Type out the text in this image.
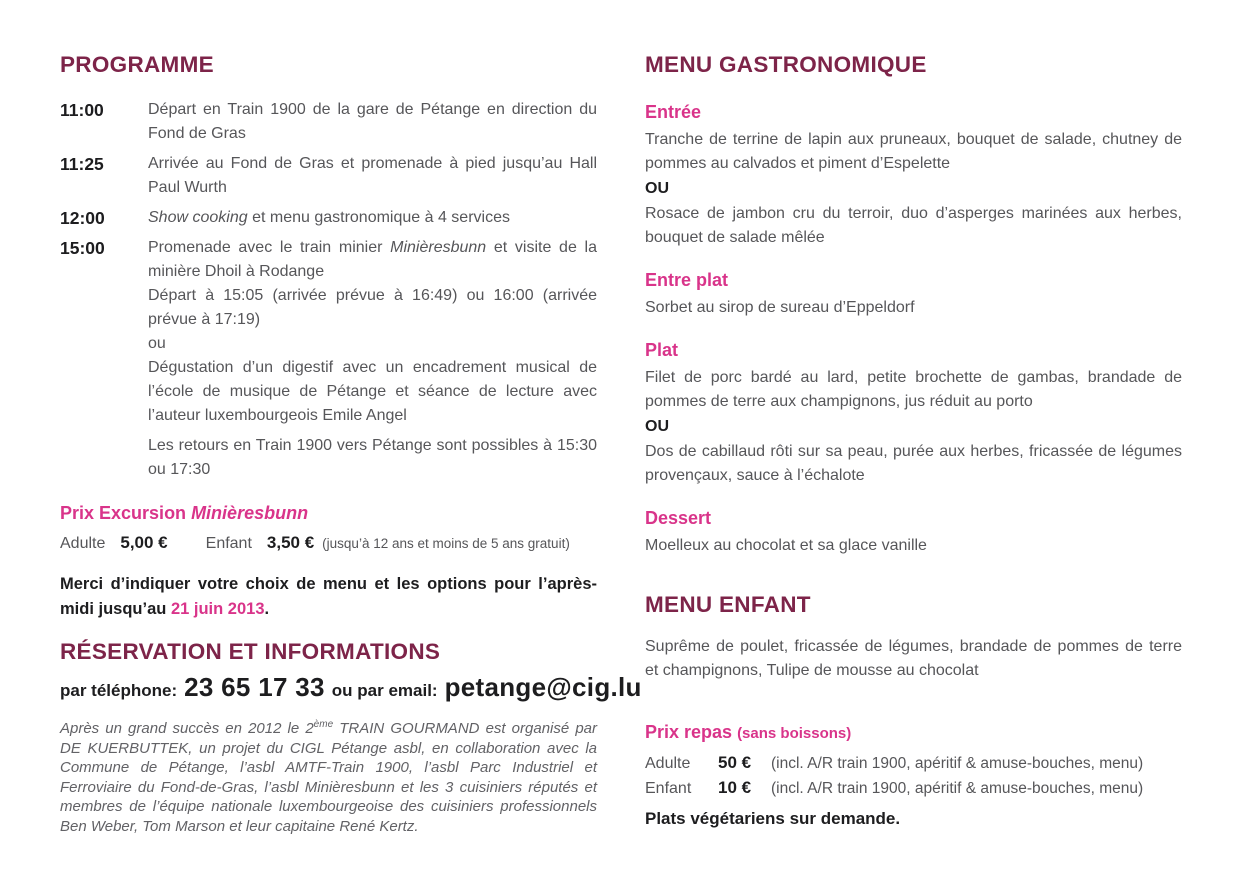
PROGRAMME
11:00	Départ en Train 1900 de la gare de Pétange en direction du Fond de Gras

11:25	Arrivée au Fond de Gras et promenade à pied jusqu’au Hall Paul Wurth

12:00	Show cooking et menu gastronomique à 4 services

15:00	Promenade avec le train minier Minièresbunn et visite de la minière Dhoil à Rodange

Départ à 15:05 (arrivée prévue à 16:49) ou 16:00 (arrivée prévue à 17:19)

ou

Dégustation d’un digestif avec un encadrement musical de l’école de musique de Pétange et séance de lecture avec l’auteur luxembourgeois Emile Angel

Les retours en Train 1900 vers Pétange sont possibles à 15:30 ou 17:30

Prix Excursion Minièresbunn
Adulte 5,00 € Enfant 3,50 € (jusqu’à 12 ans et moins de 5 ans gratuit)

Merci d’indiquer votre choix de menu et les options pour l’après-midi jusqu’au 21 juin 2013.

RÉSERVATION ET INFORMATIONS
par téléphone: 23 65 17 33 ou par email: petange@cig.lu

Après un grand succès en 2012 le 2ème TRAIN GOURMAND est organisé par DE KUERBUTTEK, un projet du CIGL Pétange asbl, en collaboration avec la Commune de Pétange, l’asbl AMTF-Train 1900, l’asbl Parc Industriel et Ferroviaire du Fond-de-Gras, l’asbl Minièresbunn et les 3 cuisiniers réputés et membres de l’équipe nationale luxembourgeoise des cuisiniers professionnels Ben Weber, Tom Marson et leur capitaine René Kertz.

MENU GASTRONOMIQUE
Entrée

Tranche de terrine de lapin aux pruneaux, bouquet de salade, chutney de pommes au calvados et piment d’Espelette

OU

Rosace de jambon cru du terroir, duo d’asperges marinées aux herbes, bouquet de salade mêlée

Entre plat

Sorbet au sirop de sureau d’Eppeldorf

Plat

Filet de porc bardé au lard, petite brochette de gambas, brandade de pommes de terre aux champignons, jus réduit au porto

OU

Dos de cabillaud rôti sur sa peau, purée aux herbes, fricassée de légumes provençaux, sauce à l’échalote

Dessert

Moelleux au chocolat et sa glace vanille

MENU ENFANT

Suprême de poulet, fricassée de légumes, brandade de pommes de terre et champignons, Tulipe de mousse au chocolat

Prix repas (sans boissons)
Adulte	50 €	(incl. A/R train 1900, apéritif & amuse-bouches, menu)
Enfant	10 €	(incl. A/R train 1900, apéritif & amuse-bouches, menu)

Plats végétariens sur demande.
